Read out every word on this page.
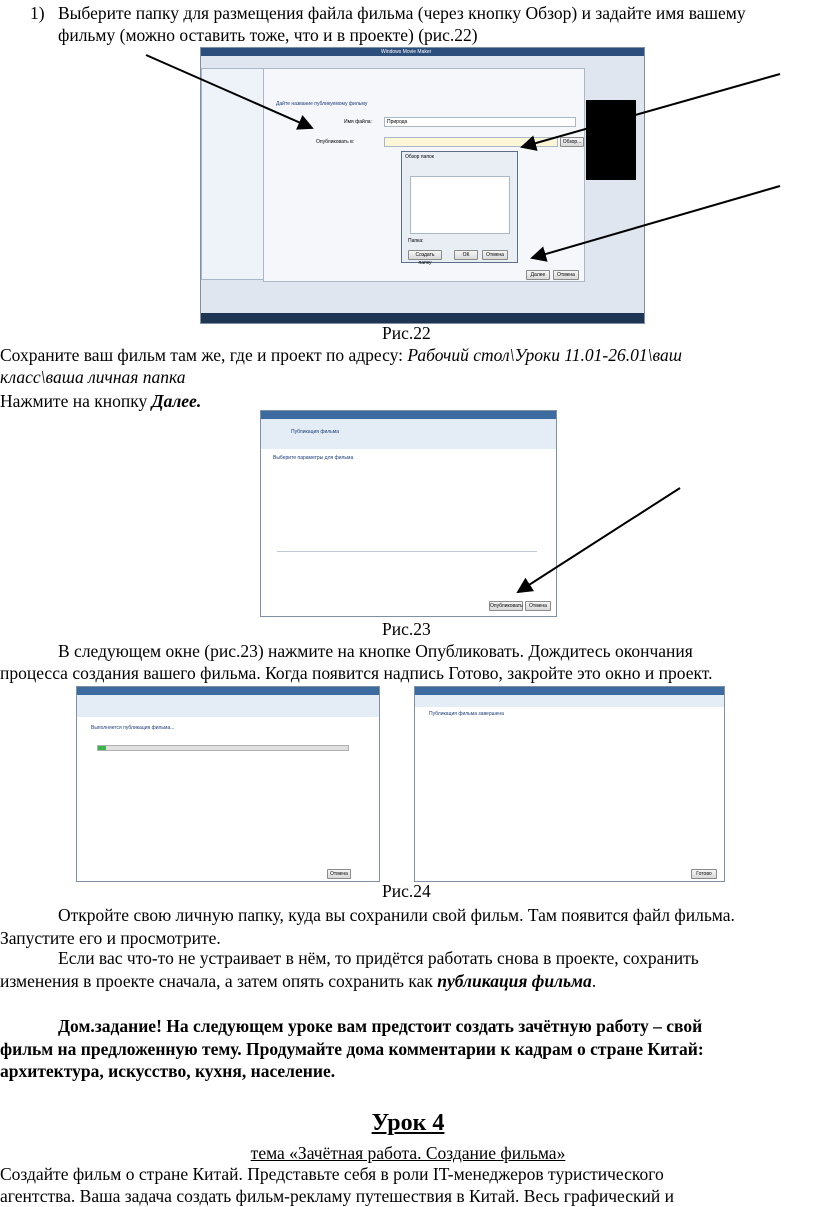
1) Выберите папку для размещения файла фильма (через кнопку Обзор) и задайте имя вашему
фильму (можно оставить тоже, что и в проекте) (рис.22)
Windows Movie Maker
Дайте название публикуемому фильму
Имя файла:	Природа
Опубликовать в:	Обзор...
Обзор папок
Папка:
Создать папку
ОК	Отмена
Далее	Отмена
Рис.22
Сохраните ваш фильм там же, где и проект по адресу: Рабочий стол\Уроки 11.01-26.01\ваш
класс\ваша личная папка
Нажмите на кнопку Далее.
Публикация фильма
Выберите параметры для фильма
Опубликовать	Отмена
Рис.23
В следующем окне (рис.23) нажмите на кнопке Опубликовать. Дождитесь окончания
процесса создания вашего фильма. Когда появится надпись Готово, закройте это окно и проект.
Выполняется публикация фильма...
Отмена
Публикация фильма завершена
Готово
Рис.24
Откройте свою личную папку, куда вы сохранили свой фильм. Там появится файл фильма.
Запустите его и просмотрите.
Если вас что-то не устраивает в нём, то придётся работать снова в проекте, сохранить
изменения в проекте сначала, а затем опять сохранить как публикация фильма.
Дом.задание! На следующем уроке вам предстоит создать зачётную работу – свой
фильм на предложенную тему. Продумайте дома комментарии к кадрам о стране Китай:
архитектура, искусство, кухня, население.
Урок 4
тема «Зачётная работа. Создание фильма»
Создайте фильм о стране Китай. Представьте себя в роли IT-менеджеров туристического
агентства. Ваша задача создать фильм-рекламу путешествия в Китай. Весь графический и
